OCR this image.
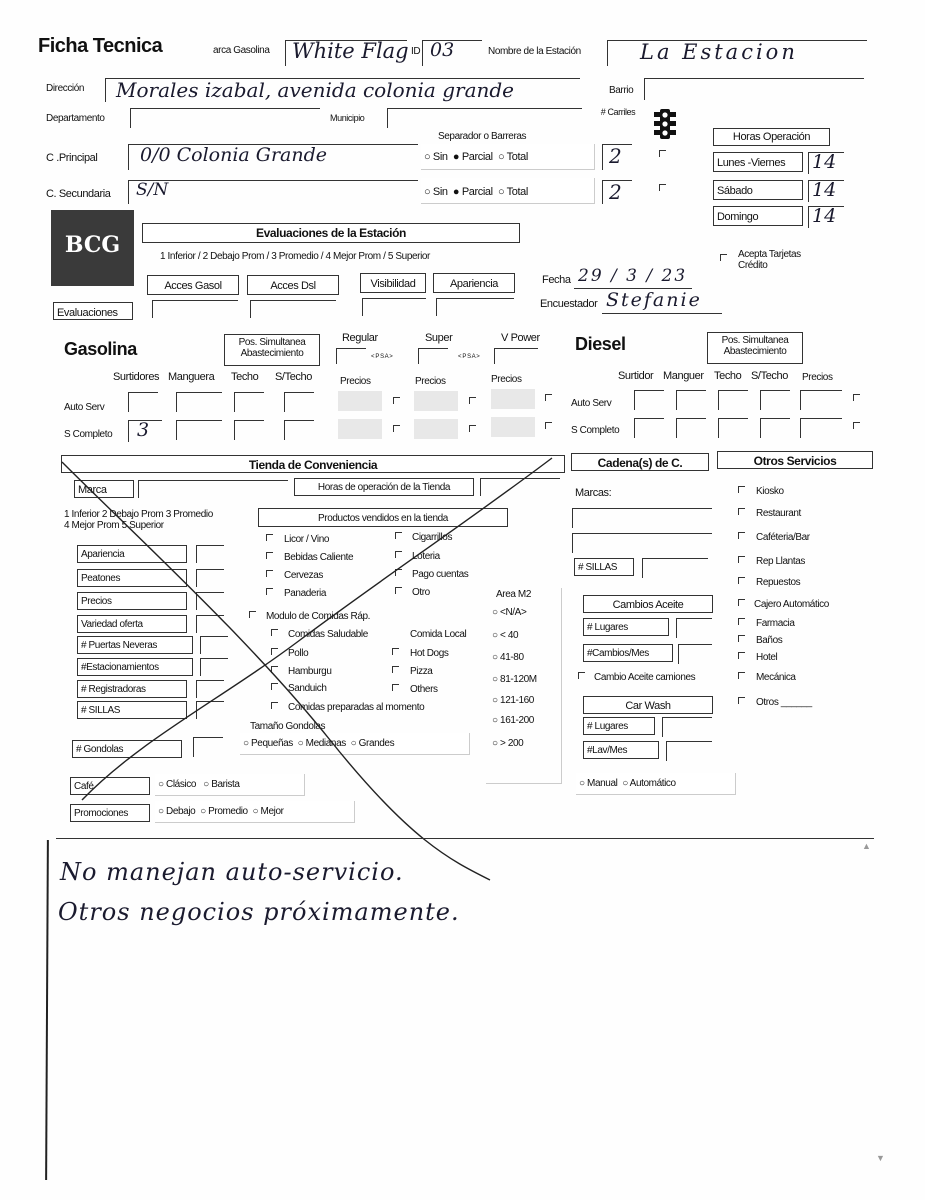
Ficha Tecnica	arca Gasolina White Flag ID 03	Nombre de la Estación	La Estacion
Dirección Morales izabal, avenida colonia grande	Barrio
Departamento	Municipio
# Carriles
Separador o Barreras
C .Principal 0/0 Colonia Grande	○ Sin ● Parcial ○ Total	2
C. Secundaria S/N	○ Sin ● Parcial ○ Total	2
Horas Operación
Lunes -Viernes	14
Sábado	14
Domingo	14
BCG	Evaluaciones de la Estación
1 Inferior / 2 Debajo Prom / 3 Promedio / 4 Mejor Prom / 5 Superior
Acces Gasol	Acces Dsl	Visibilidad	Apariencia
Evaluaciones
Fecha 29 / 3 / 23
Encuestador Stefanie
Acepta Tarjetas Crédito
Gasolina	Pos. Simultanea Abastecimiento
Regular	Super	V Power
< P S A >	< P S A >
Surtidores Manguera Techo S/Techo	Precios	Precios	Precios
Auto Serv
S Completo 3
Diesel	Pos. Simultanea Abastecimiento
Surtidor Manguer Techo S/Techo Precios
Auto Serv
S Completo
Tienda de Conveniencia
Marca	Horas de operación de la Tienda
1 Inferior 2 Debajo Prom 3 Promedio
4 Mejor Prom 5 Superior
Productos vendidos en la tienda
Apariencia
Peatones
Precios
Variedad oferta
# Puertas Neveras
#Estacionamientos
# Registradoras
# SILLAS
# Gondolas
Licor / Vino
Bebidas Caliente
Cervezas
Panaderia
Cigarrillos
Loteria
Pago cuentas
Otro
Modulo de Comidas Ráp.
Comidas Saludable	Comida Local
Pollo
Hamburgu
Sanduich
Hot Dogs
Pizza
Others
Comidas preparadas al momento
Tamaño Gondolas
○ Pequeñas ○ Medianas ○ Grandes
Area M2
○ <N/A>
○ < 40
○ 41-80
○ 81-120M
○ 121-160
○ 161-200
○ > 200
Café	○ Clásico ○ Barista
Promociones	○ Debajo ○ Promedio ○ Mejor
Cadena(s) de C.
Marcas:
# SILLAS
Cambios Aceite
# Lugares
#Cambios/Mes
Cambio Aceite camiones
Car Wash
# Lugares
#Lav/Mes
○ Manual ○ Automático
Otros Servicios
Kiosko
Restaurant
Caféteria/Bar
Rep Llantas
Repuestos
Cajero Automático
Farmacia
Baños
Hotel
Mecánica
Otros ______
▲
No manejan auto-servicio.
Otros negocios próximamente.
▼
